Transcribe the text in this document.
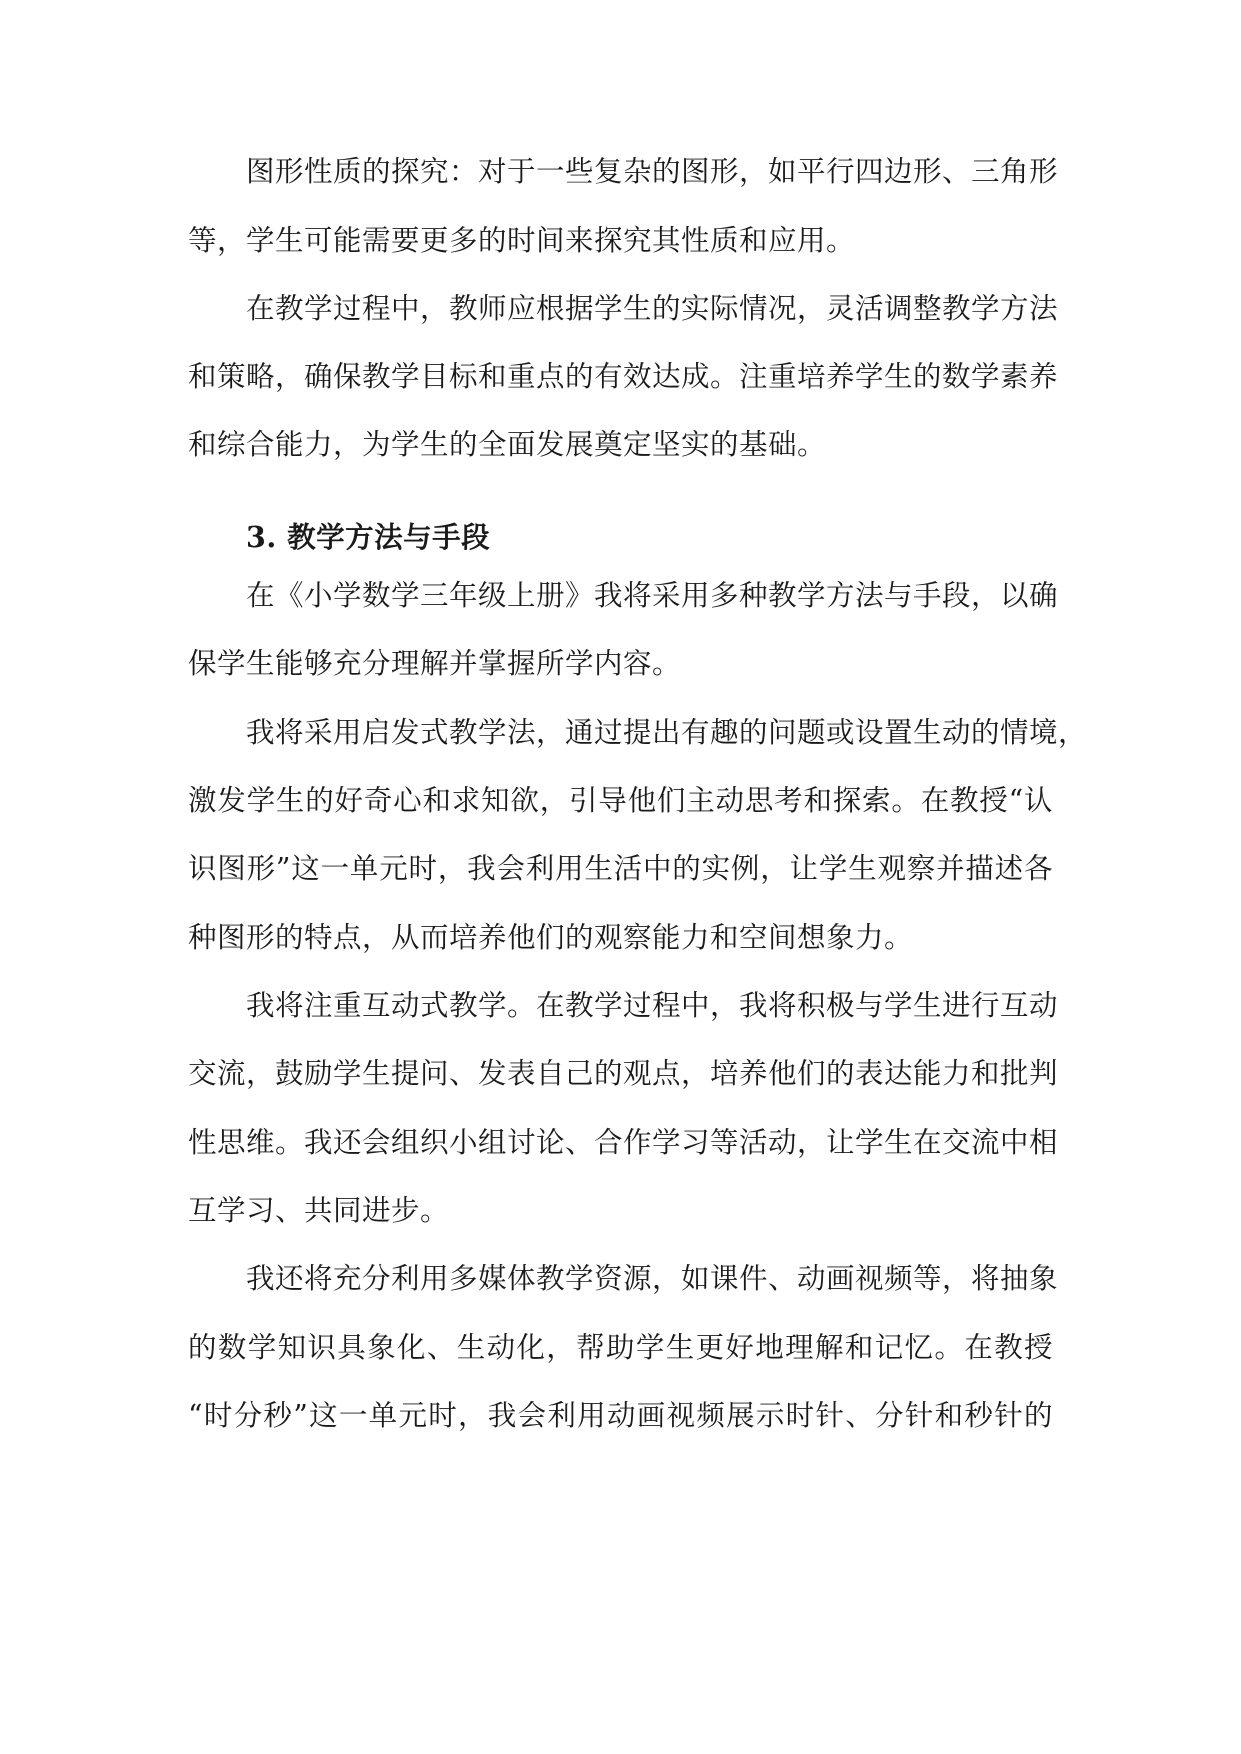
图形性质的探究：对于一些复杂的图形，如平行四边形、三角形
等，学生可能需要更多的时间来探究其性质和应用。
在教学过程中，教师应根据学生的实际情况，灵活调整教学方法
和策略，确保教学目标和重点的有效达成。注重培养学生的数学素养
和综合能力，为学生的全面发展奠定坚实的基础。
3. 教学方法与手段
在《小学数学三年级上册》我将采用多种教学方法与手段，以确
保学生能够充分理解并掌握所学内容。
我将采用启发式教学法，通过提出有趣的问题或设置生动的情境，
激发学生的好奇心和求知欲，引导他们主动思考和探索。在教授“认
识图形”这一单元时，我会利用生活中的实例，让学生观察并描述各
种图形的特点，从而培养他们的观察能力和空间想象力。
我将注重互动式教学。在教学过程中，我将积极与学生进行互动
交流，鼓励学生提问、发表自己的观点，培养他们的表达能力和批判
性思维。我还会组织小组讨论、合作学习等活动，让学生在交流中相
互学习、共同进步。
我还将充分利用多媒体教学资源，如课件、动画视频等，将抽象
的数学知识具象化、生动化，帮助学生更好地理解和记忆。在教授
“时分秒”这一单元时，我会利用动画视频展示时针、分针和秒针的
